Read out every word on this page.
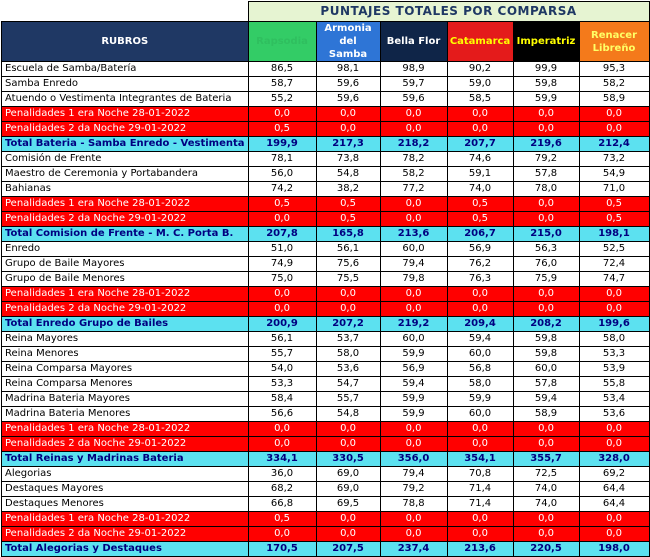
	PUNTAJES TOTALES POR COMPARSA					
RUBROS	Rapsodia	Armonia del Samba	Bella Flor	Catamarca	Imperatriz	Renacer Libreño
Escuela de Samba/Batería	86,5	98,1	98,9	90,2	99,9	95,3
Samba Enredo	58,7	59,6	59,7	59,0	59,8	58,2
Atuendo o Vestimenta Integrantes de Bateria	55,2	59,6	59,6	58,5	59,9	58,9
Penalidades 1 era Noche 28-01-2022	0,0	0,0	0,0	0,0	0,0	0,0
Penalidades 2 da Noche 29-01-2022	0,5	0,0	0,0	0,0	0,0	0,0
Total Bateria - Samba Enredo - Vestimenta	199,9	217,3	218,2	207,7	219,6	212,4
Comisión de Frente	78,1	73,8	78,2	74,6	79,2	73,2
Maestro de Ceremonia y Portabandera	56,0	54,8	58,2	59,1	57,8	54,9
Bahianas	74,2	38,2	77,2	74,0	78,0	71,0
Penalidades 1 era Noche 28-01-2022	0,5	0,5	0,0	0,5	0,0	0,5
Penalidades 2 da Noche 29-01-2022	0,0	0,5	0,0	0,5	0,0	0,5
Total Comision de Frente - M. C. Porta B.	207,8	165,8	213,6	206,7	215,0	198,1
Enredo	51,0	56,1	60,0	56,9	56,3	52,5
Grupo de Baile Mayores	74,9	75,6	79,4	76,2	76,0	72,4
Grupo de Baile Menores	75,0	75,5	79,8	76,3	75,9	74,7
Penalidades 1 era Noche 28-01-2022	0,0	0,0	0,0	0,0	0,0	0,0
Penalidades 2 da Noche 29-01-2022	0,0	0,0	0,0	0,0	0,0	0,0
Total Enredo Grupo de Bailes	200,9	207,2	219,2	209,4	208,2	199,6
Reina Mayores	56,1	53,7	60,0	59,4	59,8	58,0
Reina Menores	55,7	58,0	59,9	60,0	59,8	53,3
Reina Comparsa Mayores	54,0	53,6	56,9	56,8	60,0	53,9
Reina Comparsa Menores	53,3	54,7	59,4	58,0	57,8	55,8
Madrina Bateria Mayores	58,4	55,7	59,9	59,9	59,4	53,4
Madrina Bateria Menores	56,6	54,8	59,9	60,0	58,9	53,6
Penalidades 1 era Noche 28-01-2022	0,0	0,0	0,0	0,0	0,0	0,0
Penalidades 2 da Noche 29-01-2022	0,0	0,0	0,0	0,0	0,0	0,0
Total Reinas y Madrinas Bateria	334,1	330,5	356,0	354,1	355,7	328,0
Alegorias	36,0	69,0	79,4	70,8	72,5	69,2
Destaques Mayores	68,2	69,0	79,2	71,4	74,0	64,4
Destaques Menores	66,8	69,5	78,8	71,4	74,0	64,4
Penalidades 1 era Noche 28-01-2022	0,5	0,0	0,0	0,0	0,0	0,0
Penalidades 2 da Noche 29-01-2022	0,0	0,0	0,0	0,0	0,0	0,0
Total Alegorias y Destaques	170,5	207,5	237,4	213,6	220,5	198,0
